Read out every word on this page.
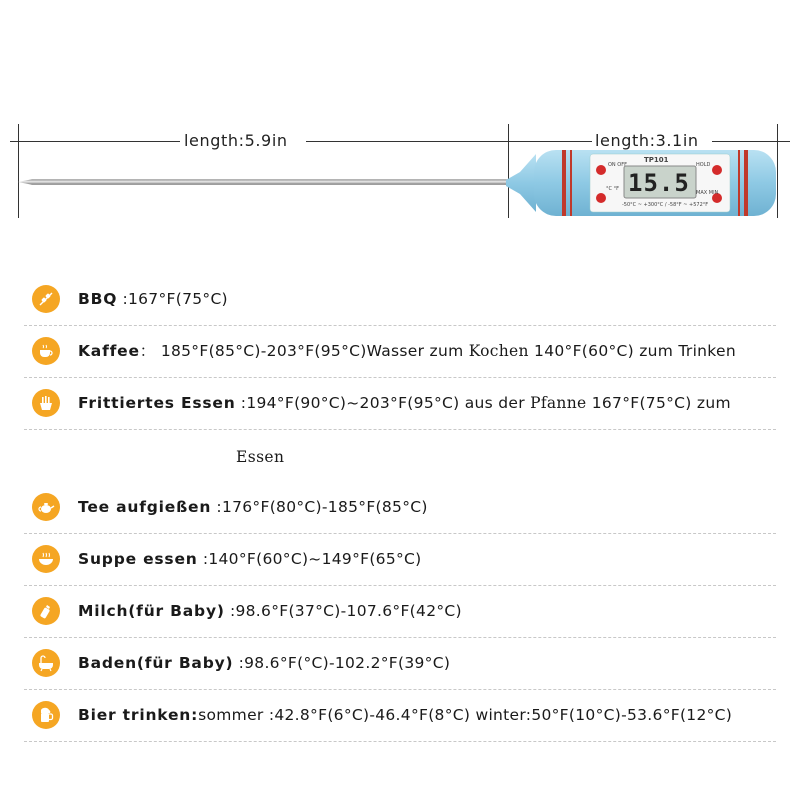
length:5.9in	length:3.1in
TP101
15.5
ON OFF
°C °F
HOLD
MAX MIN
-50°C ~ +300°C / -58°F ~ +572°F
BBQ :167°F(75°C)
Kaffee： 185°F(85°C)-203°F(95°C)Wasser zum Kochen 140°F(60°C) zum Trinken
Frittiertes Essen :194°F(90°C)~203°F(95°C) aus der Pfanne 167°F(75°C) zum
Essen
Tee aufgießen :176°F(80°C)-185°F(85°C)
Suppe essen :140°F(60°C)~149°F(65°C)
Milch(für Baby) :98.6°F(37°C)-107.6°F(42°C)
Baden(für Baby) :98.6°F(°C)-102.2°F(39°C)
Bier trinken:sommer :42.8°F(6°C)-46.4°F(8°C) winter:50°F(10°C)-53.6°F(12°C)
